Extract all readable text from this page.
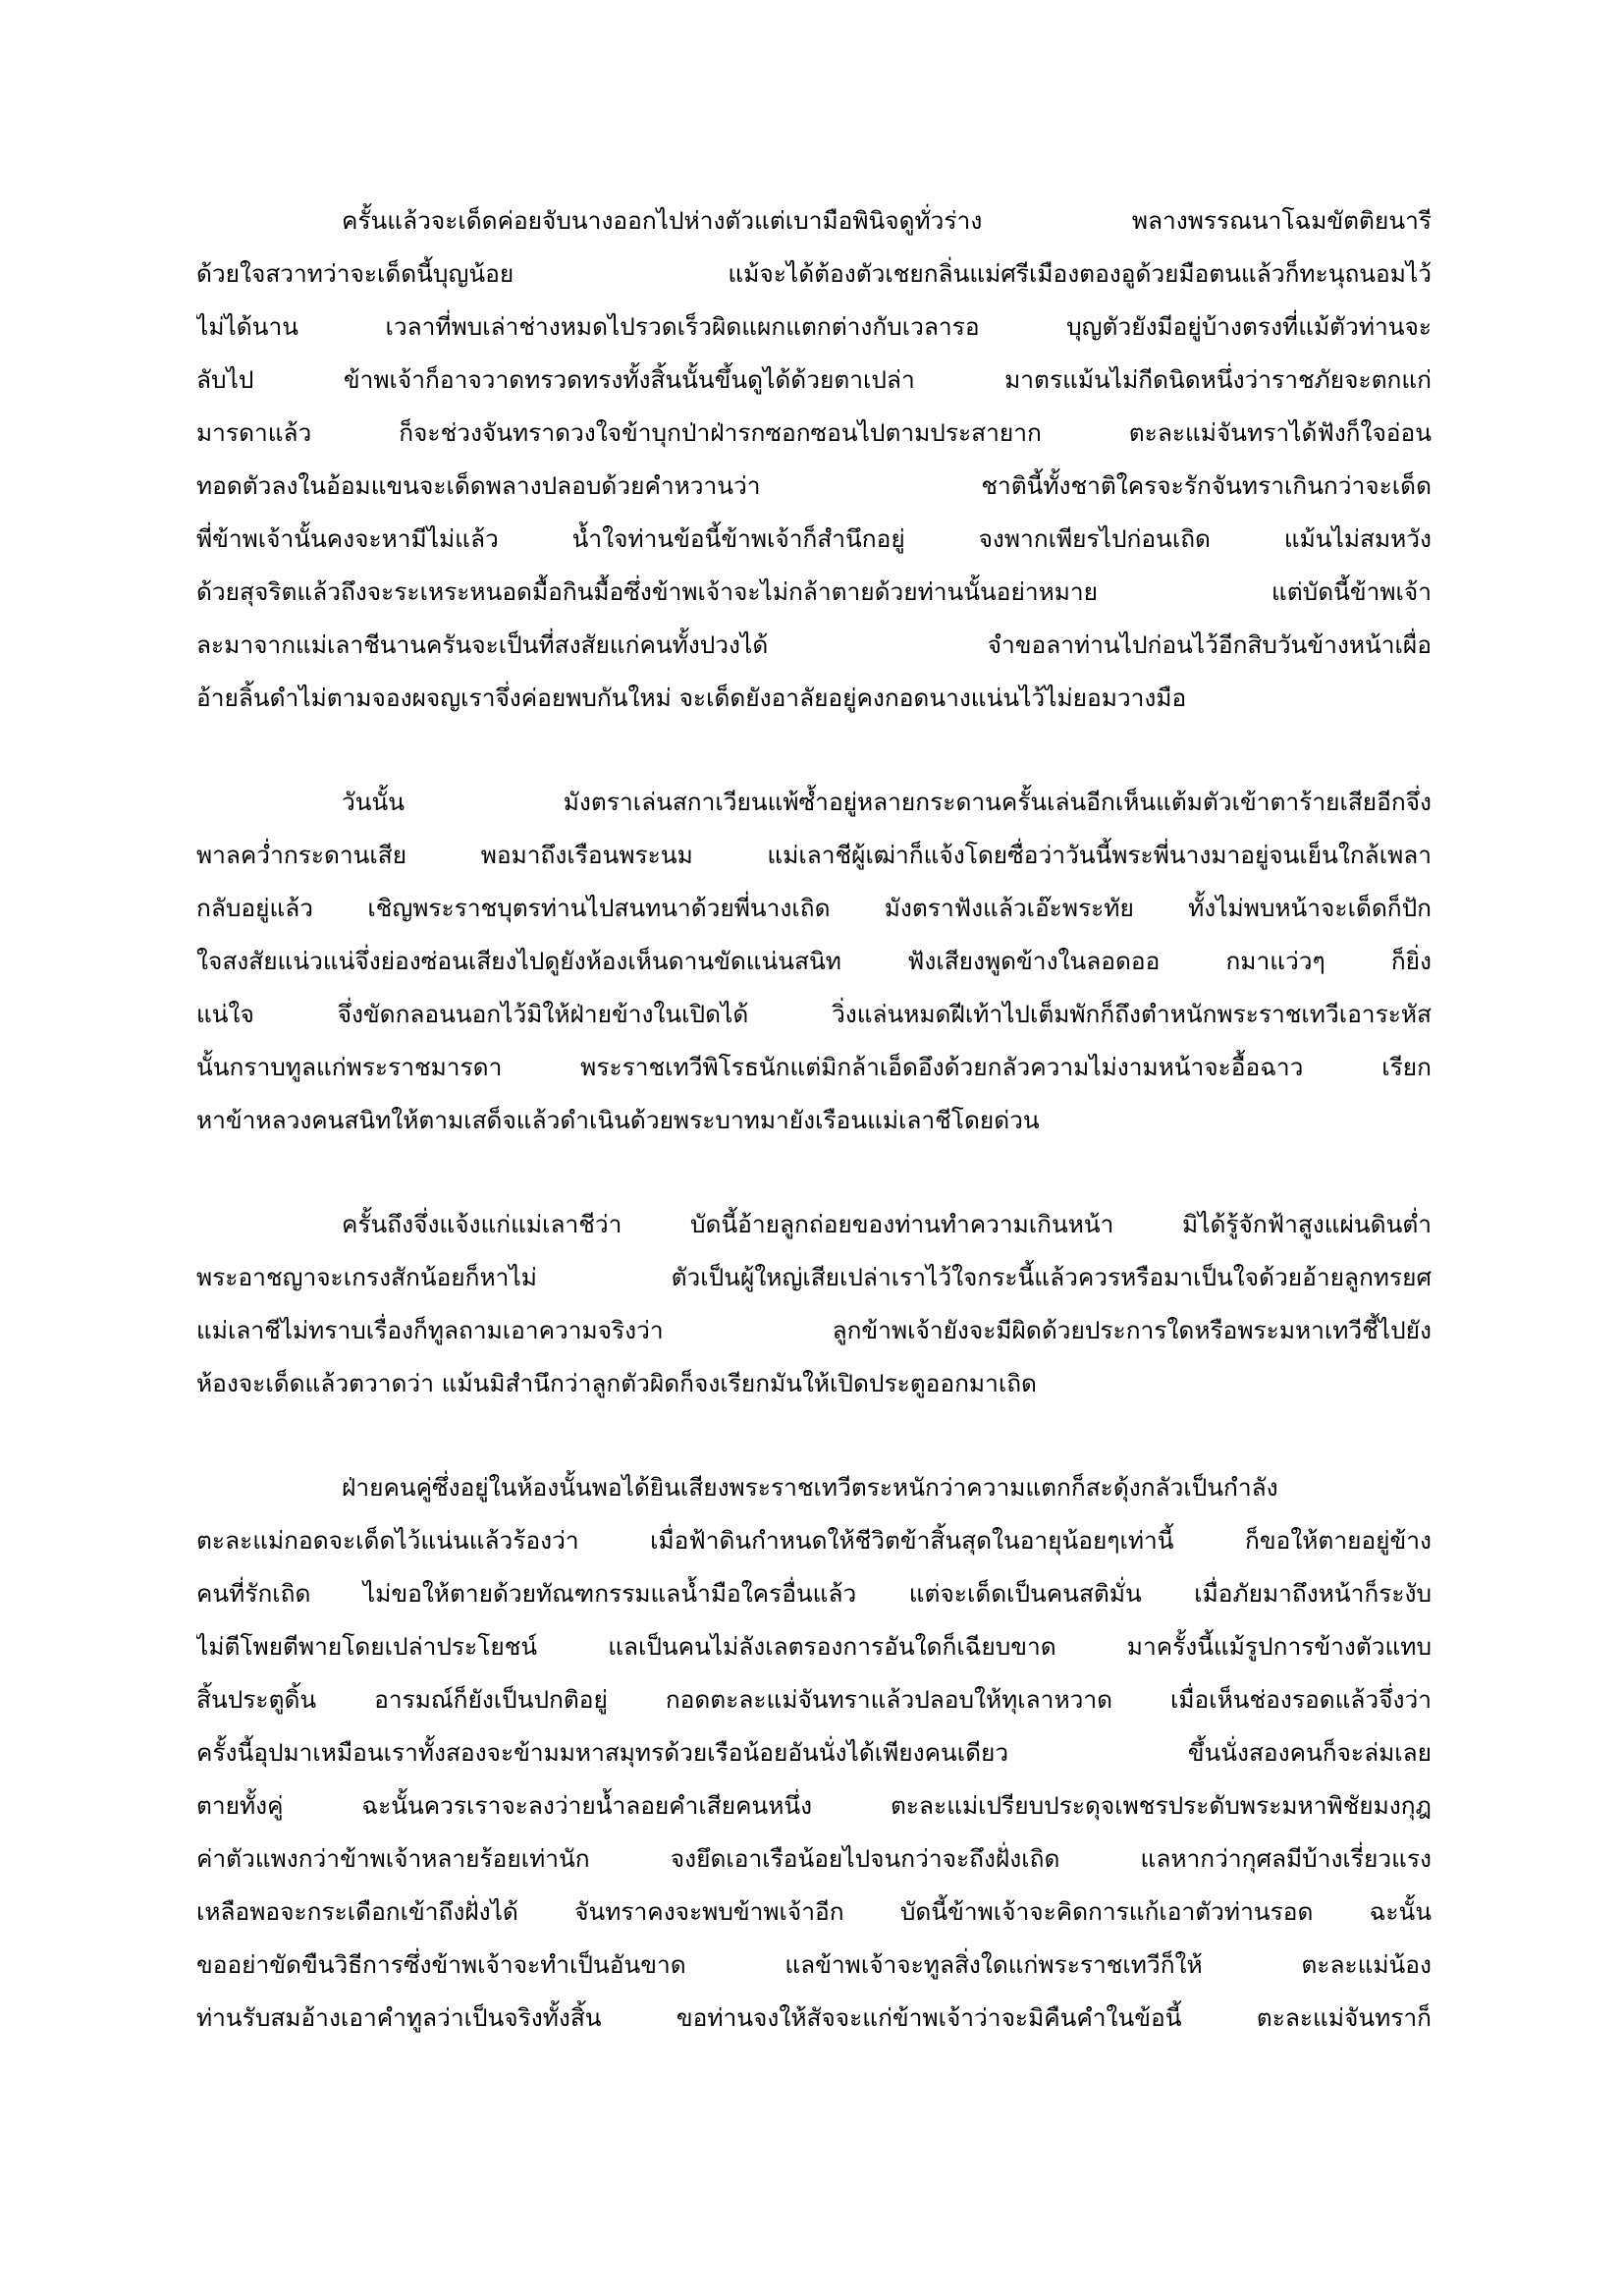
ครั้นแล้วจะเด็ดค่อยจับนางออกไปห่างตัวแต่เบามือพินิจดูทั่วร่าง พลางพรรณนาโฉมขัตติยนารี
ด้วยใจสวาทว่าจะเด็ดนี้บุญน้อย แม้จะได้ต้องตัวเชยกลิ่นแม่ศรีเมืองตองอูด้วยมือตนแล้วก็ทะนุถนอมไว้
ไม่ได้นาน เวลาที่พบเล่าช่างหมดไปรวดเร็วผิดแผกแตกต่างกับเวลารอ บุญตัวยังมีอยู่บ้างตรงที่แม้ตัวท่านจะ
ลับไป ข้าพเจ้าก็อาจวาดทรวดทรงทั้งสิ้นนั้นขึ้นดูได้ด้วยตาเปล่า มาตรแม้นไม่กีดนิดหนึ่งว่าราชภัยจะตกแก่
มารดาแล้ว ก็จะช่วงจันทราดวงใจข้าบุกป่าฝ่ารกซอกซอนไปตามประสายาก ตะละแม่จันทราได้ฟังก็ใจอ่อน
ทอดตัวลงในอ้อมแขนจะเด็ดพลางปลอบด้วยคำหวานว่า ชาตินี้ทั้งชาติใครจะรักจันทราเกินกว่าจะเด็ด
พี่ข้าพเจ้านั้นคงจะหามีไม่แล้ว น้ำใจท่านข้อนี้ข้าพเจ้าก็สำนึกอยู่ จงพากเพียรไปก่อนเถิด แม้นไม่สมหวัง
ด้วยสุจริตแล้วถึงจะระเหระหนอดมื้อกินมื้อซึ่งข้าพเจ้าจะไม่กล้าตายด้วยท่านนั้นอย่าหมาย แต่บัดนี้ข้าพเจ้า
ละมาจากแม่เลาชีนานครันจะเป็นที่สงสัยแก่คนทั้งปวงได้ จำขอลาท่านไปก่อนไว้อีกสิบวันข้างหน้าเผื่อ
อ้ายลิ้นดำไม่ตามจองผจญเราจึ่งค่อยพบกันใหม่ จะเด็ดยังอาลัยอยู่คงกอดนางแน่นไว้ไม่ยอมวางมือ
วันนั้น มังตราเล่นสกาเวียนแพ้ซ้ำอยู่หลายกระดานครั้นเล่นอีกเห็นแต้มตัวเข้าตาร้ายเสียอีกจึ่ง
พาลคว่ำกระดานเสีย พอมาถึงเรือนพระนม แม่เลาชีผู้เฒ่าก็แจ้งโดยซื่อว่าวันนี้พระพี่นางมาอยู่จนเย็นใกล้เพลา
กลับอยู่แล้ว เชิญพระราชบุตรท่านไปสนทนาด้วยพี่นางเถิด มังตราฟังแล้วเอ๊ะพระทัย ทั้งไม่พบหน้าจะเด็ดก็ปัก
ใจสงสัยแน่วแน่จึ่งย่องซ่อนเสียงไปดูยังห้องเห็นดานขัดแน่นสนิท ฟังเสียงพูดข้างในลอดออ กมาแว่วๆ ก็ยิ่ง
แน่ใจ จึ่งขัดกลอนนอกไว้มิให้ฝ่ายข้างในเปิดได้ วิ่งแล่นหมดฝีเท้าไปเต็มพักก็ถึงตำหนักพระราชเทวีเอาระหัส
นั้นกราบทูลแก่พระราชมารดา พระราชเทวีพิโรธนักแต่มิกล้าเอ็ดอึงด้วยกลัวความไม่งามหน้าจะอื้อฉาว เรียก
หาข้าหลวงคนสนิทให้ตามเสด็จแล้วดำเนินด้วยพระบาทมายังเรือนแม่เลาชีโดยด่วน
ครั้นถึงจึ่งแจ้งแก่แม่เลาชีว่า บัดนี้อ้ายลูกถ่อยของท่านทำความเกินหน้า มิได้รู้จักฟ้าสูงแผ่นดินต่ำ
พระอาชญาจะเกรงสักน้อยก็หาไม่ ตัวเป็นผู้ใหญ่เสียเปล่าเราไว้ใจกระนี้แล้วควรหรือมาเป็นใจด้วยอ้ายลูกทรยศ
แม่เลาชีไม่ทราบเรื่องก็ทูลถามเอาความจริงว่า ลูกข้าพเจ้ายังจะมีผิดด้วยประการใดหรือพระมหาเทวีชี้ไปยัง
ห้องจะเด็ดแล้วตวาดว่า แม้นมิสำนึกว่าลูกตัวผิดก็จงเรียกมันให้เปิดประตูออกมาเถิด
ฝ่ายคนคู่ซึ่งอยู่ในห้องนั้นพอได้ยินเสียงพระราชเทวีตระหนักว่าความแตกก็สะดุ้งกลัวเป็นกำลัง
ตะละแม่กอดจะเด็ดไว้แน่นแล้วร้องว่า เมื่อฟ้าดินกำหนดให้ชีวิตข้าสิ้นสุดในอายุน้อยๆเท่านี้ ก็ขอให้ตายอยู่ข้าง
คนที่รักเถิด ไม่ขอให้ตายด้วยทัณฑกรรมแลน้ำมือใครอื่นแล้ว แต่จะเด็ดเป็นคนสติมั่น เมื่อภัยมาถึงหน้าก็ระงับ
ไม่ตีโพยตีพายโดยเปล่าประโยชน์ แลเป็นคนไม่ลังเลตรองการอันใดก็เฉียบขาด มาครั้งนี้แม้รูปการข้างตัวแทบ
สิ้นประตูดิ้น อารมณ์ก็ยังเป็นปกติอยู่ กอดตะละแม่จันทราแล้วปลอบให้ทุเลาหวาด เมื่อเห็นช่องรอดแล้วจึ่งว่า
ครั้งนี้อุปมาเหมือนเราทั้งสองจะข้ามมหาสมุทรด้วยเรือน้อยอันนั่งได้เพียงคนเดียว ขึ้นนั่งสองคนก็จะล่มเลย
ตายทั้งคู่ ฉะนั้นควรเราจะลงว่ายน้ำลอยคำเสียคนหนึ่ง ตะละแม่เปรียบประดุจเพชรประดับพระมหาพิชัยมงกุฎ
ค่าตัวแพงกว่าข้าพเจ้าหลายร้อยเท่านัก จงยึดเอาเรือน้อยไปจนกว่าจะถึงฝั่งเถิด แลหากว่ากุศลมีบ้างเรี่ยวแรง
เหลือพอจะกระเดือกเข้าถึงฝั่งได้ จันทราคงจะพบข้าพเจ้าอีก บัดนี้ข้าพเจ้าจะคิดการแก้เอาตัวท่านรอด ฉะนั้น
ขออย่าขัดขืนวิธีการซึ่งข้าพเจ้าจะทำเป็นอันขาด แลข้าพเจ้าจะทูลสิ่งใดแก่พระราชเทวีก็ให้ ตะละแม่น้อง
ท่านรับสมอ้างเอาคำทูลว่าเป็นจริงทั้งสิ้น ขอท่านจงให้สัจจะแก่ข้าพเจ้าว่าจะมิคืนคำในข้อนี้ ตะละแม่จันทราก็
